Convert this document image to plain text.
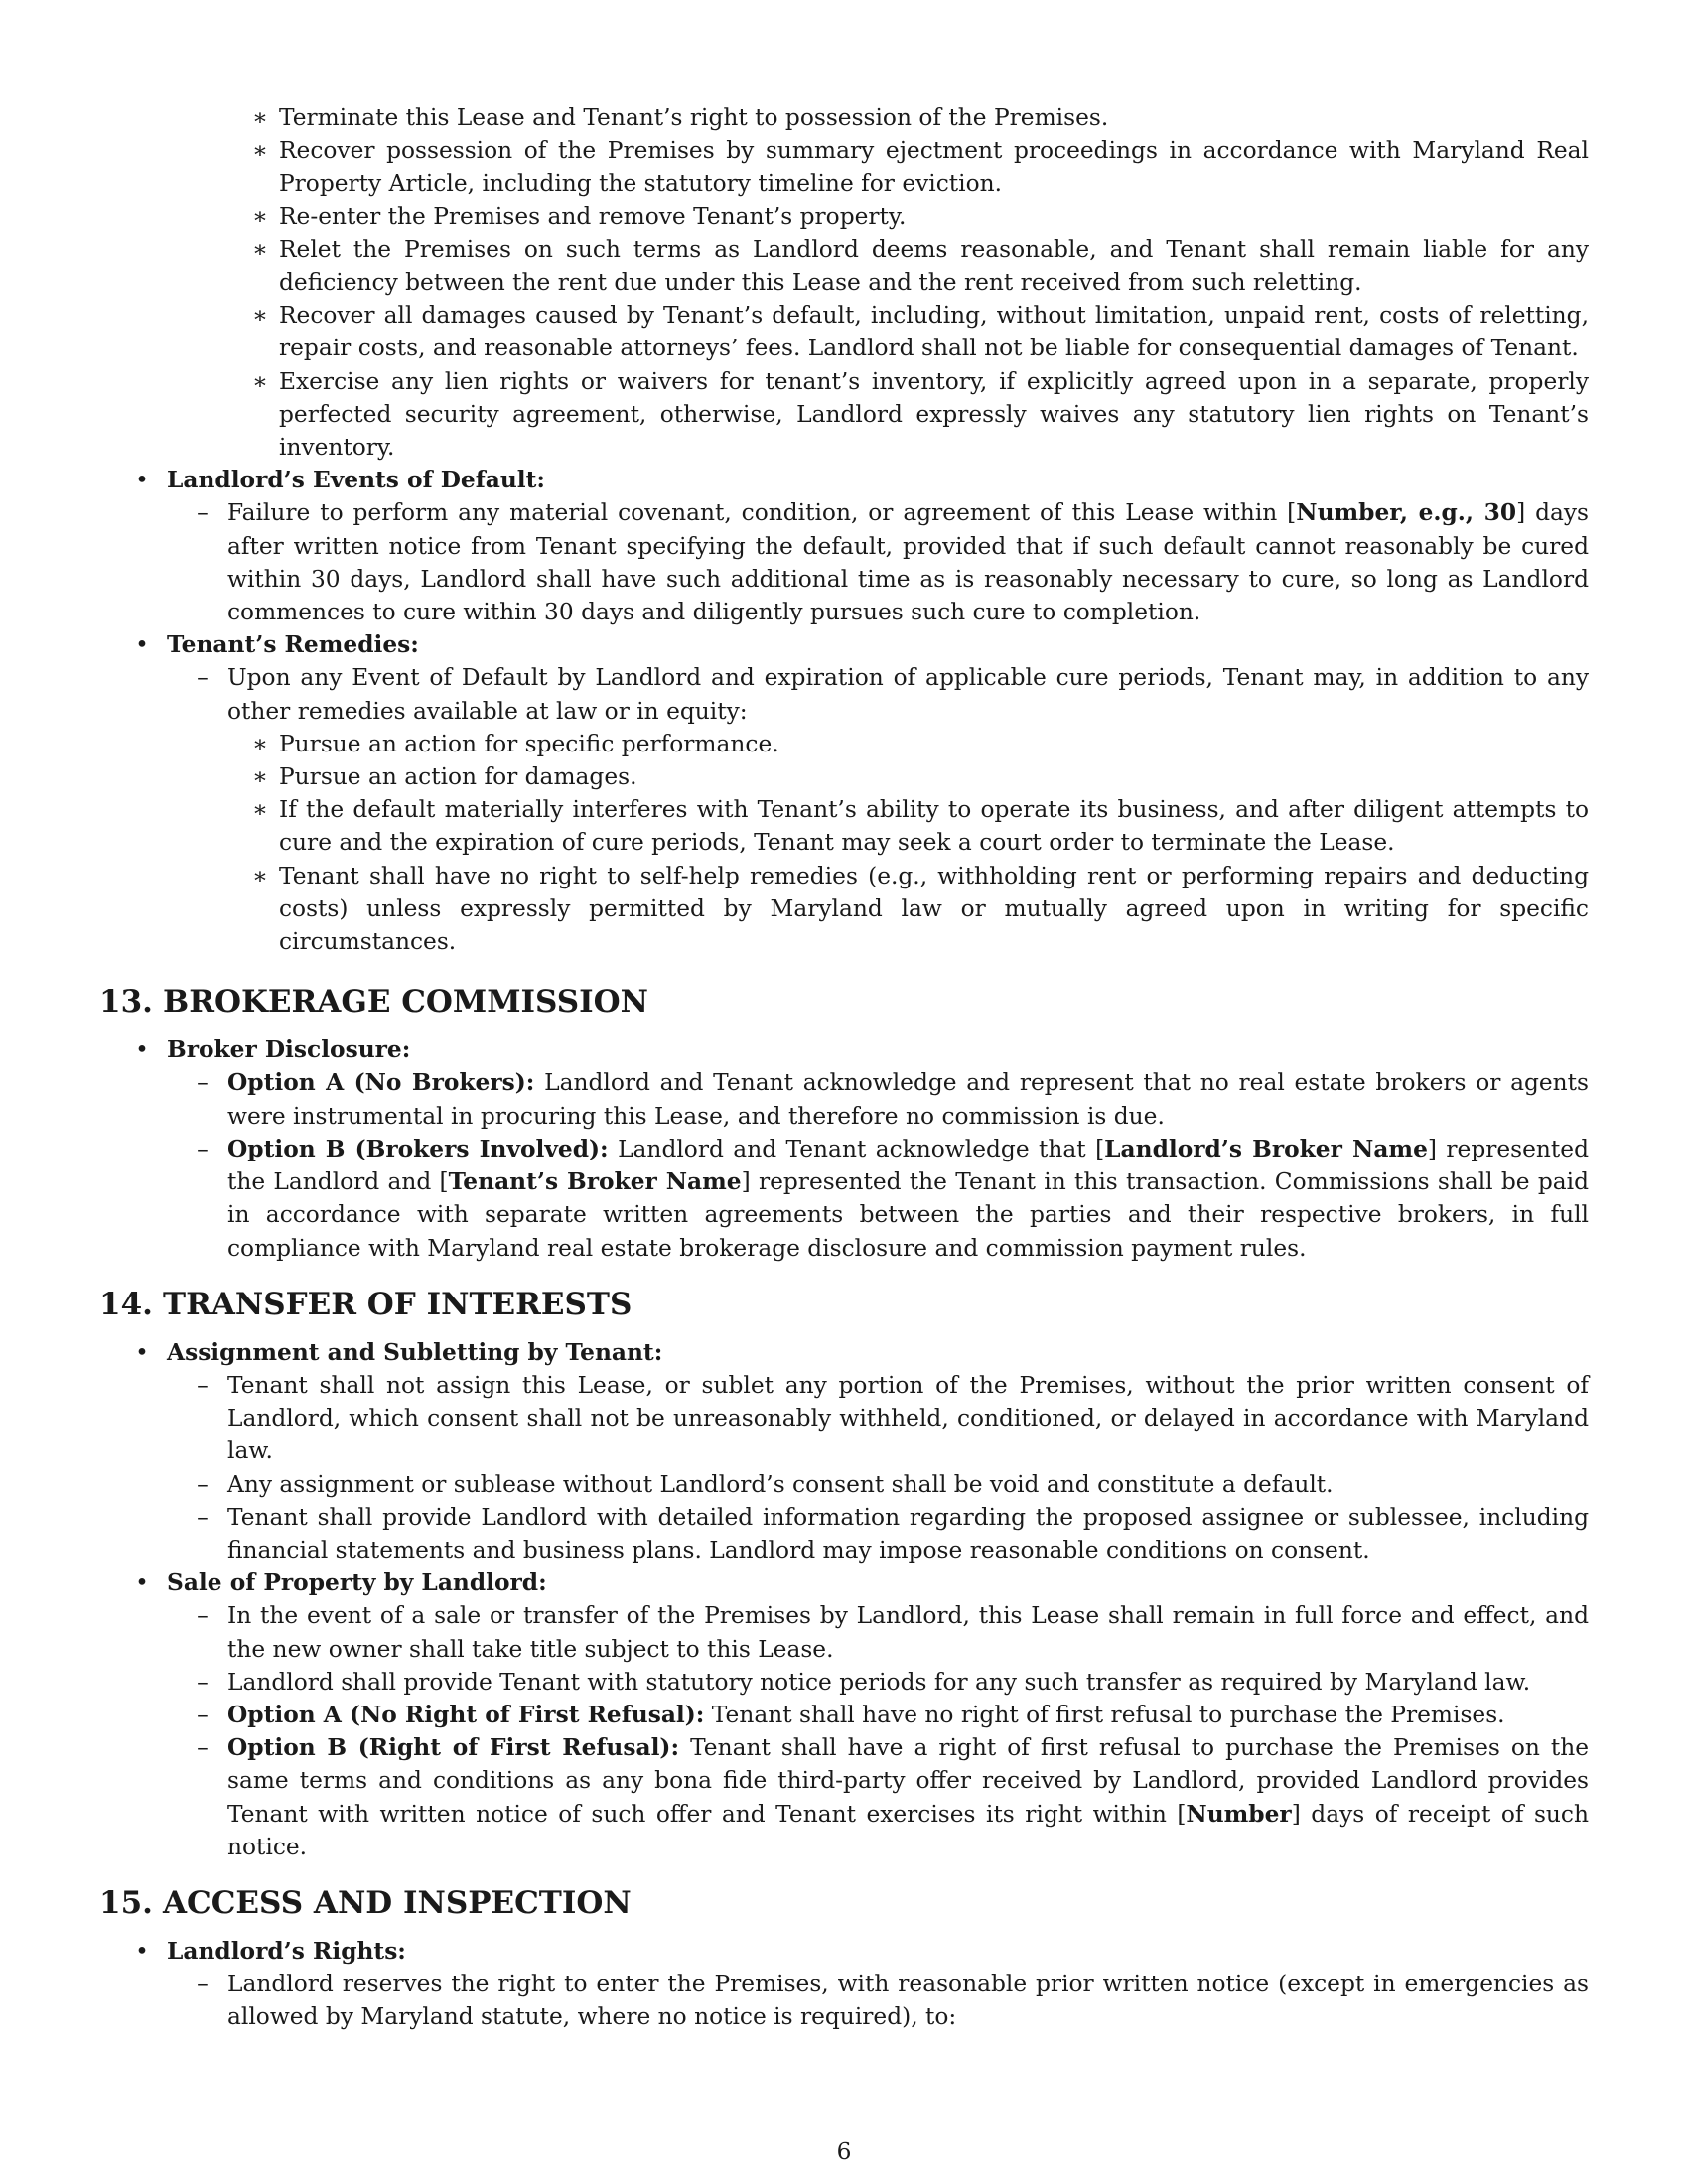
∗ Terminate this Lease and Tenant’s right to possession of the Premises.
∗ Recover possession of the Premises by summary ejectment proceedings in accordance with Maryland Real Property Article, including the statutory timeline for eviction.
∗ Re-enter the Premises and remove Tenant’s property.
∗ Relet the Premises on such terms as Landlord deems reasonable, and Tenant shall remain liable for any deficiency between the rent due under this Lease and the rent received from such reletting.
∗ Recover all damages caused by Tenant’s default, including, without limitation, unpaid rent, costs of reletting, repair costs, and reasonable attorneys’ fees. Landlord shall not be liable for consequential damages of Tenant.
∗ Exercise any lien rights or waivers for tenant’s inventory, if explicitly agreed upon in a separate, properly perfected security agreement, otherwise, Landlord expressly waives any statutory lien rights on Tenant’s inventory.
• Landlord’s Events of Default:
– Failure to perform any material covenant, condition, or agreement of this Lease within [Number, e.g., 30] days after written notice from Tenant specifying the default, provided that if such default cannot reasonably be cured within 30 days, Landlord shall have such additional time as is reasonably necessary to cure, so long as Landlord commences to cure within 30 days and diligently pursues such cure to completion.
• Tenant’s Remedies:
– Upon any Event of Default by Landlord and expiration of applicable cure periods, Tenant may, in addition to any other remedies available at law or in equity:
∗ Pursue an action for specific performance.
∗ Pursue an action for damages.
∗ If the default materially interferes with Tenant’s ability to operate its business, and after diligent attempts to cure and the expiration of cure periods, Tenant may seek a court order to terminate the Lease.
∗ Tenant shall have no right to self-help remedies (e.g., withholding rent or performing repairs and deducting costs) unless expressly permitted by Maryland law or mutually agreed upon in writing for specific circumstances.
13. BROKERAGE COMMISSION
• Broker Disclosure:
– Option A (No Brokers): Landlord and Tenant acknowledge and represent that no real estate brokers or agents were instrumental in procuring this Lease, and therefore no commission is due.
– Option B (Brokers Involved): Landlord and Tenant acknowledge that [Landlord’s Broker Name] represented the Landlord and [Tenant’s Broker Name] represented the Tenant in this transaction. Commissions shall be paid in accordance with separate written agreements between the parties and their respective brokers, in full compliance with Maryland real estate brokerage disclosure and commission payment rules.
14. TRANSFER OF INTERESTS
• Assignment and Subletting by Tenant:
– Tenant shall not assign this Lease, or sublet any portion of the Premises, without the prior written consent of Landlord, which consent shall not be unreasonably withheld, conditioned, or delayed in accordance with Maryland law.
– Any assignment or sublease without Landlord’s consent shall be void and constitute a default.
– Tenant shall provide Landlord with detailed information regarding the proposed assignee or sublessee, including financial statements and business plans. Landlord may impose reasonable conditions on consent.
• Sale of Property by Landlord:
– In the event of a sale or transfer of the Premises by Landlord, this Lease shall remain in full force and effect, and the new owner shall take title subject to this Lease.
– Landlord shall provide Tenant with statutory notice periods for any such transfer as required by Maryland law.
– Option A (No Right of First Refusal): Tenant shall have no right of first refusal to purchase the Premises.
– Option B (Right of First Refusal): Tenant shall have a right of first refusal to purchase the Premises on the same terms and conditions as any bona fide third-party offer received by Landlord, provided Landlord provides Tenant with written notice of such offer and Tenant exercises its right within [Number] days of receipt of such notice.
15. ACCESS AND INSPECTION
• Landlord’s Rights:
– Landlord reserves the right to enter the Premises, with reasonable prior written notice (except in emergencies as allowed by Maryland statute, where no notice is required), to:
6
